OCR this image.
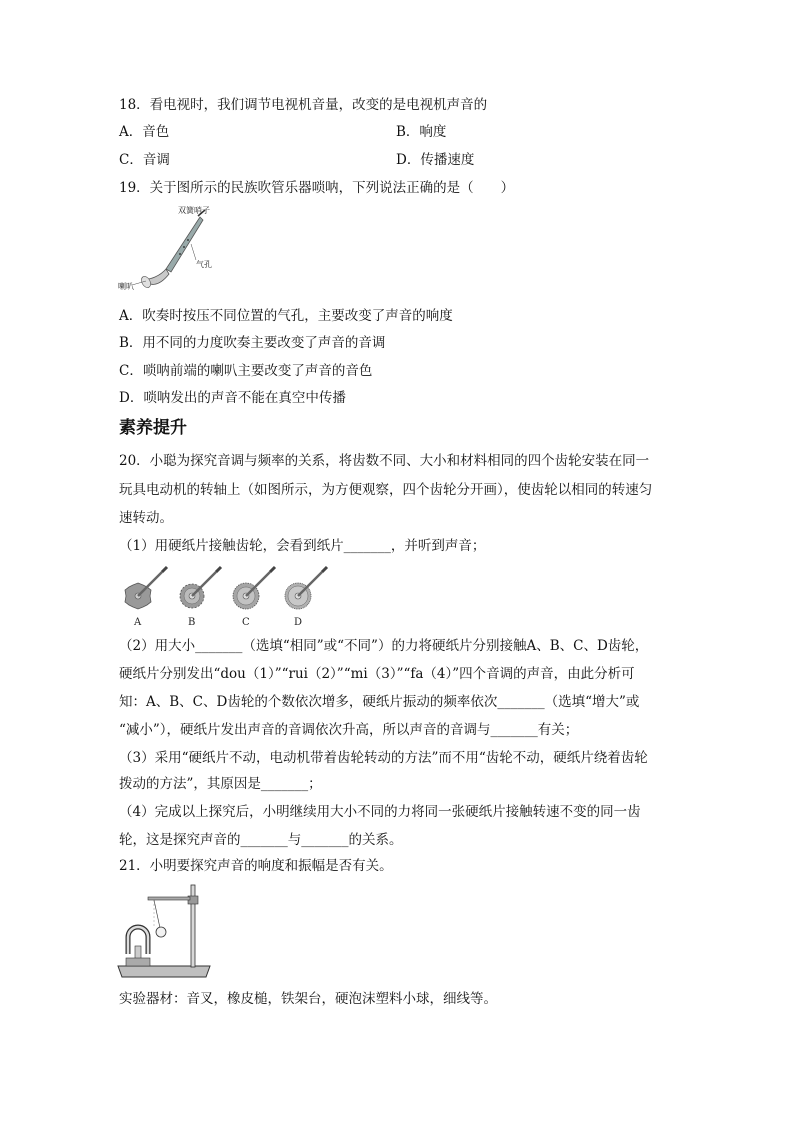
18．看电视时，我们调节电视机音量，改变的是电视机声音的
A．音色	B．响度
C．音调	D．传播速度
19．关于图所示的民族吹管乐器唢呐，下列说法正确的是（　　）
双簧哨子
气孔
喇叭
A．吹奏时按压不同位置的气孔，主要改变了声音的响度
B．用不同的力度吹奏主要改变了声音的音调
C．唢呐前端的喇叭主要改变了声音的音色
D．唢呐发出的声音不能在真空中传播
素养提升
20．小聪为探究音调与频率的关系，将齿数不同、大小和材料相同的四个齿轮安装在同一
玩具电动机的转轴上（如图所示，为方便观察，四个齿轮分开画），使齿轮以相同的转速匀
速转动。
（1）用硬纸片接触齿轮，会看到纸片_______，并听到声音；
A	B	C	D
（2）用大小_______（选填“相同”或“不同”）的力将硬纸片分别接触A、B、C、D齿轮，
硬纸片分别发出“dou（1）”“rui（2）”“mi（3）”“fa（4）”四个音调的声音，由此分析可
知：A、B、C、D齿轮的个数依次增多，硬纸片振动的频率依次_______（选填“增大”或
“减小”），硬纸片发出声音的音调依次升高，所以声音的音调与_______有关；
（3）采用“硬纸片不动，电动机带着齿轮转动的方法”而不用“齿轮不动，硬纸片绕着齿轮
拨动的方法”，其原因是_______；
（4）完成以上探究后，小明继续用大小不同的力将同一张硬纸片接触转速不变的同一齿
轮，这是探究声音的_______与_______的关系。
21．小明要探究声音的响度和振幅是否有关。
实验器材：音叉，橡皮槌，铁架台，硬泡沫塑料小球，细线等。
